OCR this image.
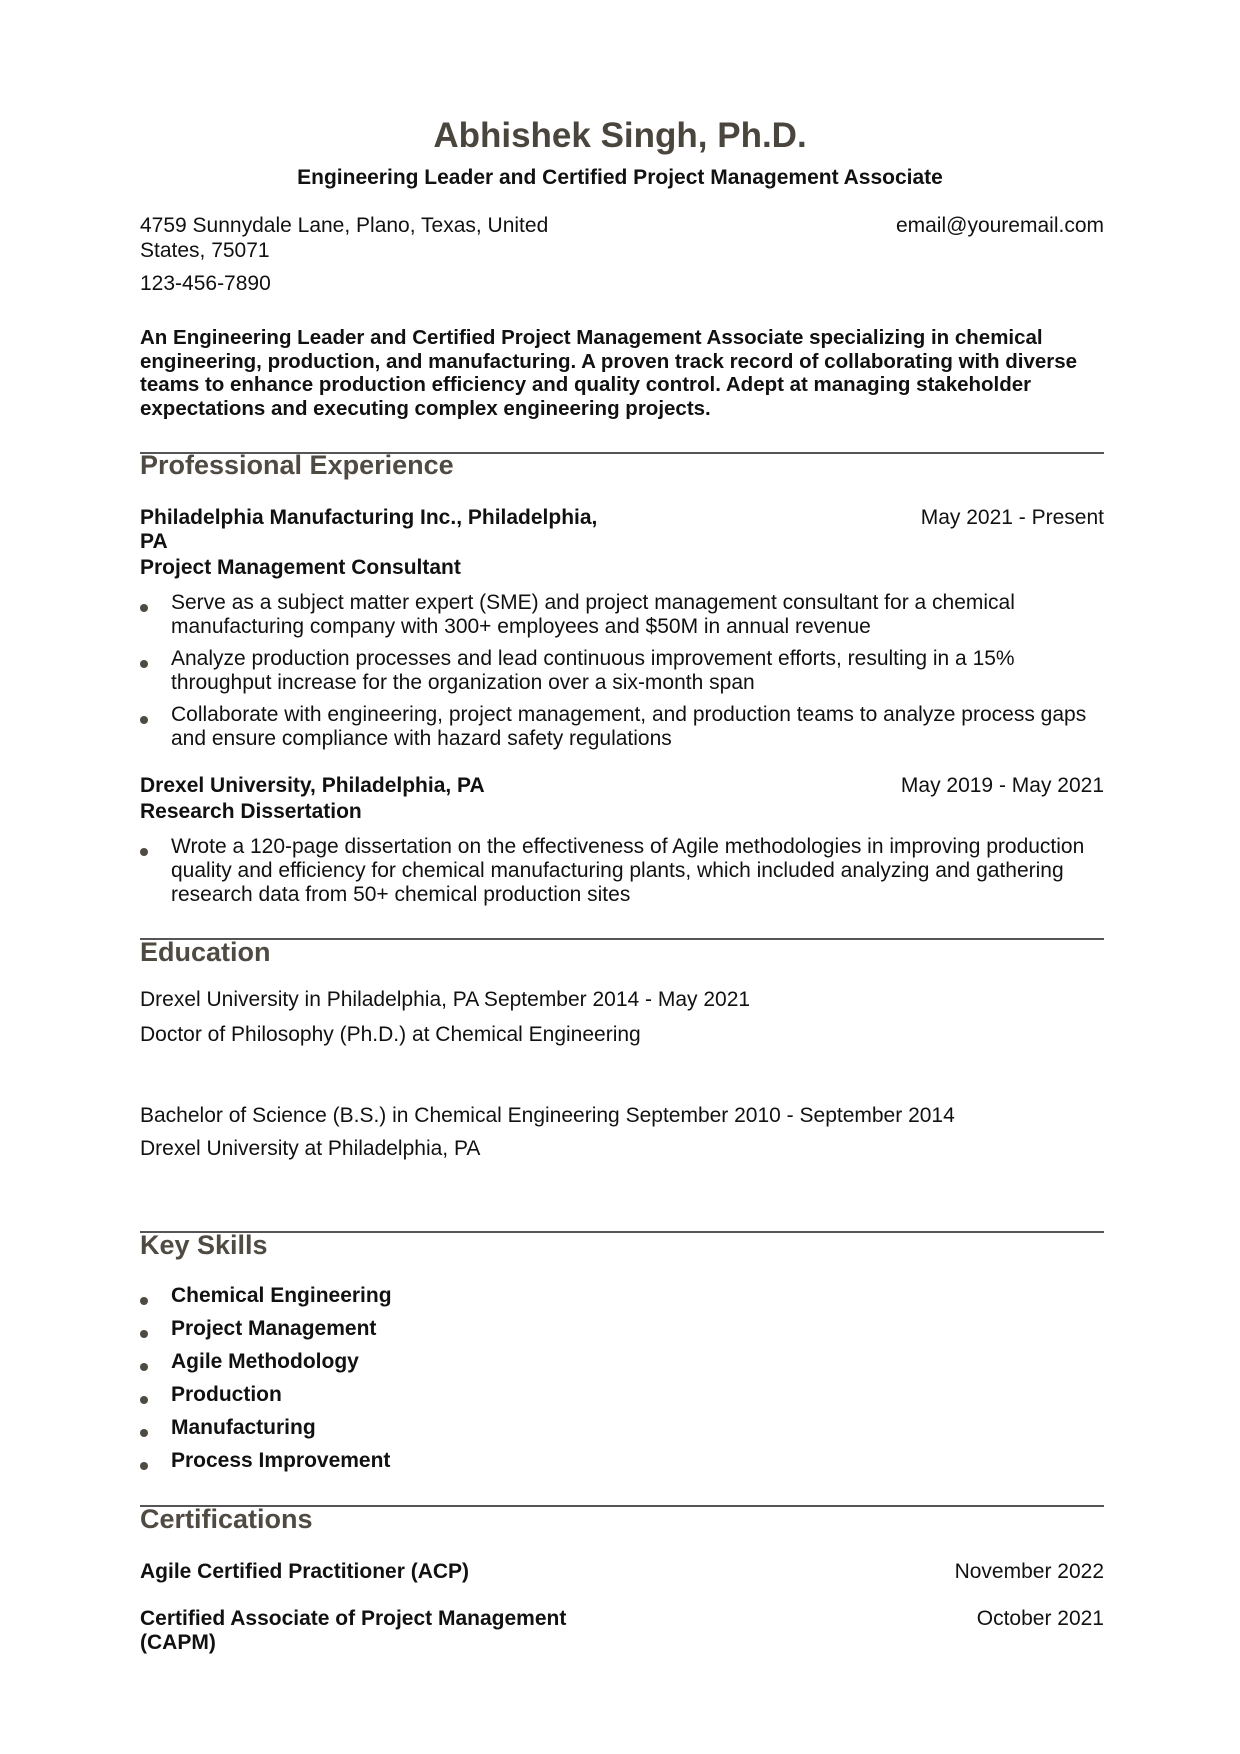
Abhishek Singh, Ph.D.
Engineering Leader and Certified Project Management Associate
4759 Sunnydale Lane, Plano, Texas, United
States, 75071
email@youremail.com
123-456-7890
An Engineering Leader and Certified Project Management Associate specializing in chemical engineering, production, and manufacturing. A proven track record of collaborating with diverse teams to enhance production efficiency and quality control. Adept at managing stakeholder expectations and executing complex engineering projects.
Professional Experience
Philadelphia Manufacturing Inc., Philadelphia,
PA
May 2021 - Present
Project Management Consultant
Serve as a subject matter expert (SME) and project management consultant for a chemical manufacturing company with 300+ employees and $50M in annual revenue
Analyze production processes and lead continuous improvement efforts, resulting in a 15% throughput increase for the organization over a six-month span
Collaborate with engineering, project management, and production teams to analyze process gaps and ensure compliance with hazard safety regulations
Drexel University, Philadelphia, PA	May 2019 - May 2021
Research Dissertation
Wrote a 120-page dissertation on the effectiveness of Agile methodologies in improving production quality and efficiency for chemical manufacturing plants, which included analyzing and gathering research data from 50+ chemical production sites
Education
Drexel University in Philadelphia, PA September 2014 - May 2021
Doctor of Philosophy (Ph.D.) at Chemical Engineering
Bachelor of Science (B.S.) in Chemical Engineering September 2010 - September 2014
Drexel University at Philadelphia, PA
Key Skills
Chemical Engineering
Project Management
Agile Methodology
Production
Manufacturing
Process Improvement
Certifications
Agile Certified Practitioner (ACP)	November 2022
Certified Associate of Project Management
(CAPM)
October 2021
